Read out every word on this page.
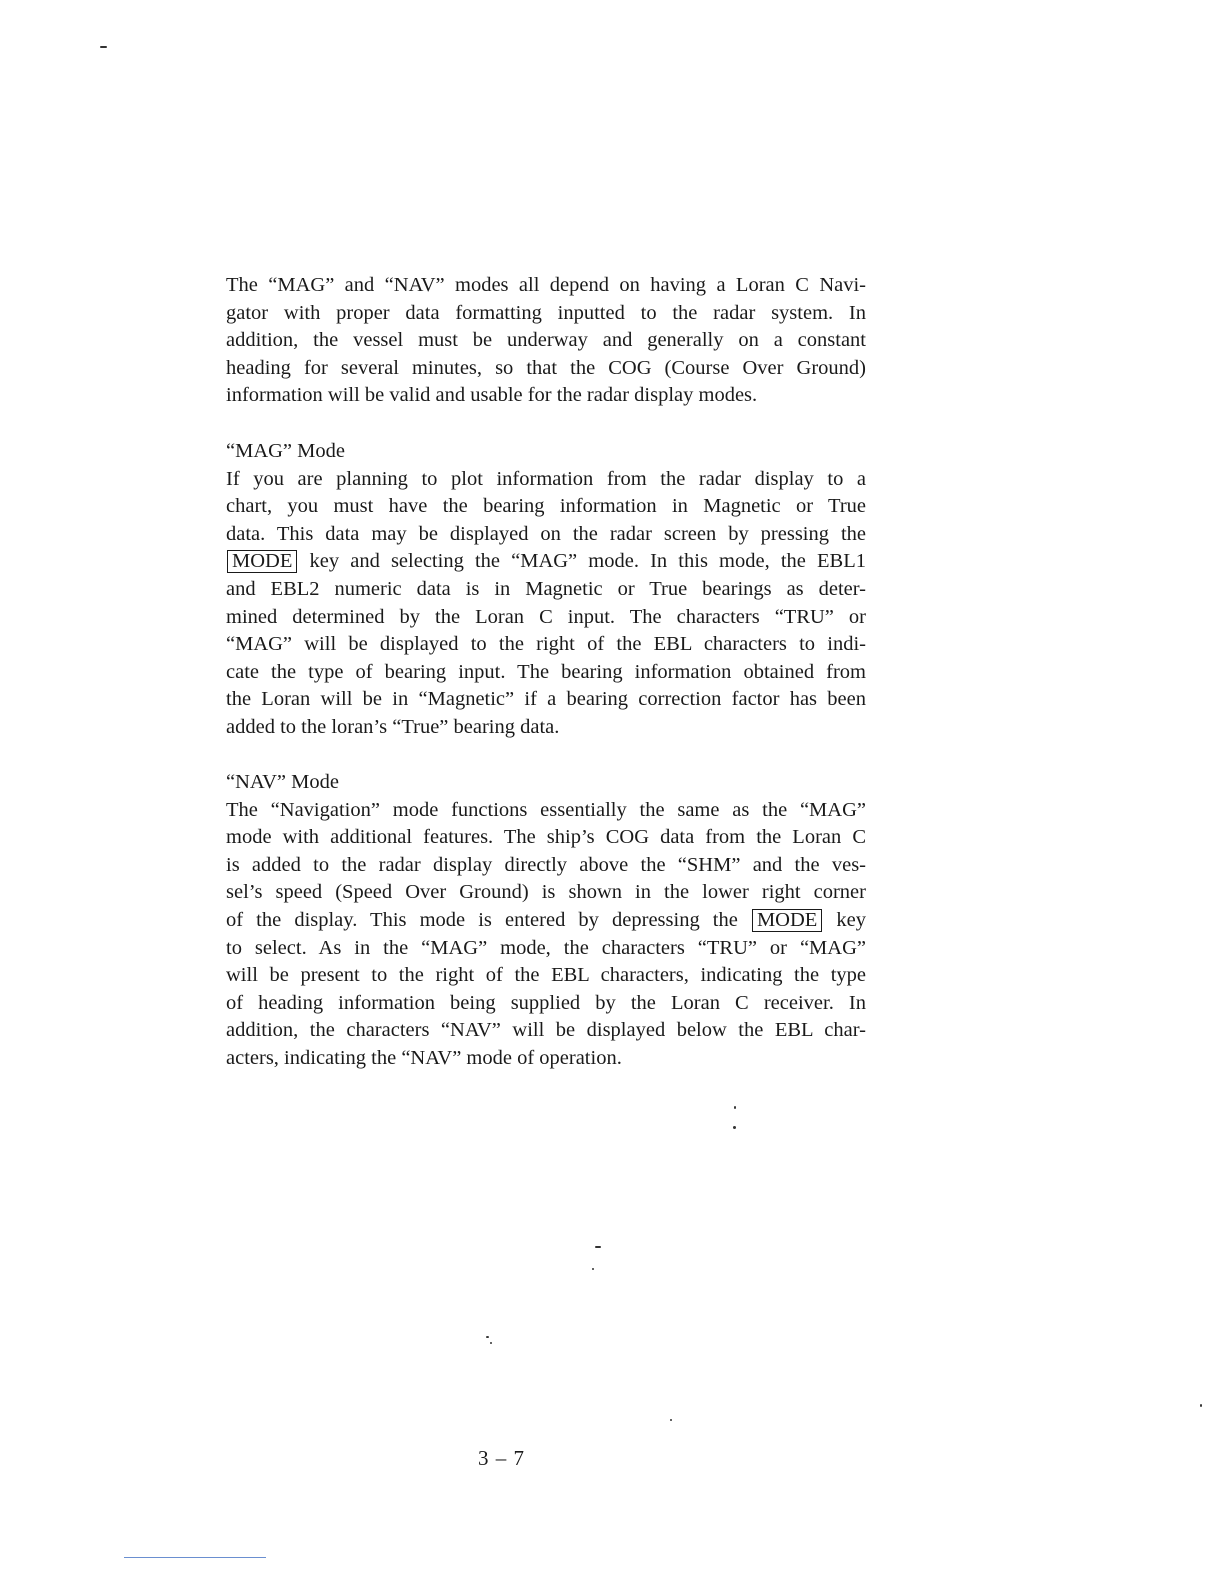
The “MAG” and “NAV” modes all depend on having a Loran C Navi-
gator with proper data formatting inputted to the radar system. In
addition, the vessel must be underway and generally on a constant
heading for several minutes, so that the COG (Course Over Ground)
information will be valid and usable for the radar display modes.
“MAG” Mode
If you are planning to plot information from the radar display to a
chart, you must have the bearing information in Magnetic or True
data. This data may be displayed on the radar screen by pressing the
MODE key and selecting the “MAG” mode. In this mode, the EBL1
and EBL2 numeric data is in Magnetic or True bearings as deter-
mined determined by the Loran C input. The characters “TRU” or
“MAG” will be displayed to the right of the EBL characters to indi-
cate the type of bearing input. The bearing information obtained from
the Loran will be in “Magnetic” if a bearing correction factor has been
added to the loran’s “True” bearing data.
“NAV” Mode
The “Navigation” mode functions essentially the same as the “MAG”
mode with additional features. The ship’s COG data from the Loran C
is added to the radar display directly above the “SHM” and the ves-
sel’s speed (Speed Over Ground) is shown in the lower right corner
of the display. This mode is entered by depressing the MODE key
to select. As in the “MAG” mode, the characters “TRU” or “MAG”
will be present to the right of the EBL characters, indicating the type
of heading information being supplied by the Loran C receiver. In
addition, the characters “NAV” will be displayed below the EBL char-
acters, indicating the “NAV” mode of operation.
3 – 7
